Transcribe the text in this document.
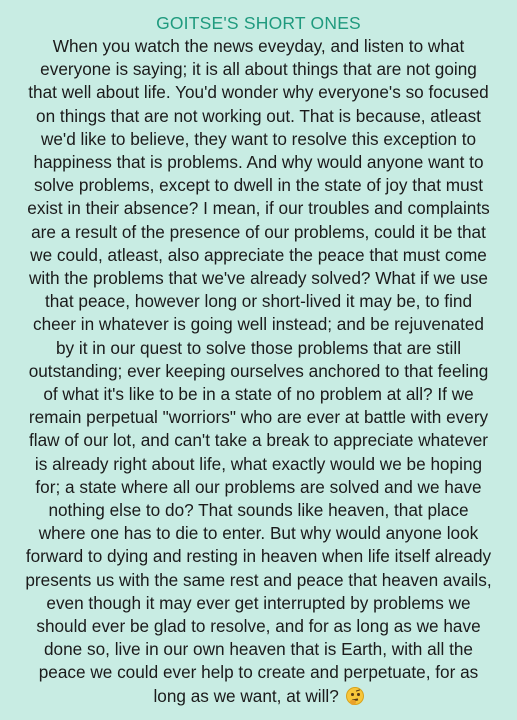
GOITSE'S SHORT ONES
When you watch the news eveyday, and listen to what
everyone is saying; it is all about things that are not going
that well about life. You'd wonder why everyone's so focused
on things that are not working out. That is because, atleast
we'd like to believe, they want to resolve this exception to
happiness that is problems. And why would anyone want to
solve problems, except to dwell in the state of joy that must
exist in their absence? I mean, if our troubles and complaints
are a result of the presence of our problems, could it be that
we could, atleast, also appreciate the peace that must come
with the problems that we've already solved? What if we use
that peace, however long or short-lived it may be, to find
cheer in whatever is going well instead; and be rejuvenated
by it in our quest to solve those problems that are still
outstanding; ever keeping ourselves anchored to that feeling
of what it's like to be in a state of no problem at all? If we
remain perpetual "worriors" who are ever at battle with every
flaw of our lot, and can't take a break to appreciate whatever
is already right about life, what exactly would we be hoping
for; a state where all our problems are solved and we have
nothing else to do? That sounds like heaven, that place
where one has to die to enter. But why would anyone look
forward to dying and resting in heaven when life itself already
presents us with the same rest and peace that heaven avails,
even though it may ever get interrupted by problems we
should ever be glad to resolve, and for as long as we have
done so, live in our own heaven that is Earth, with all the
peace we could ever help to create and perpetuate, for as
long as we want, at will?
